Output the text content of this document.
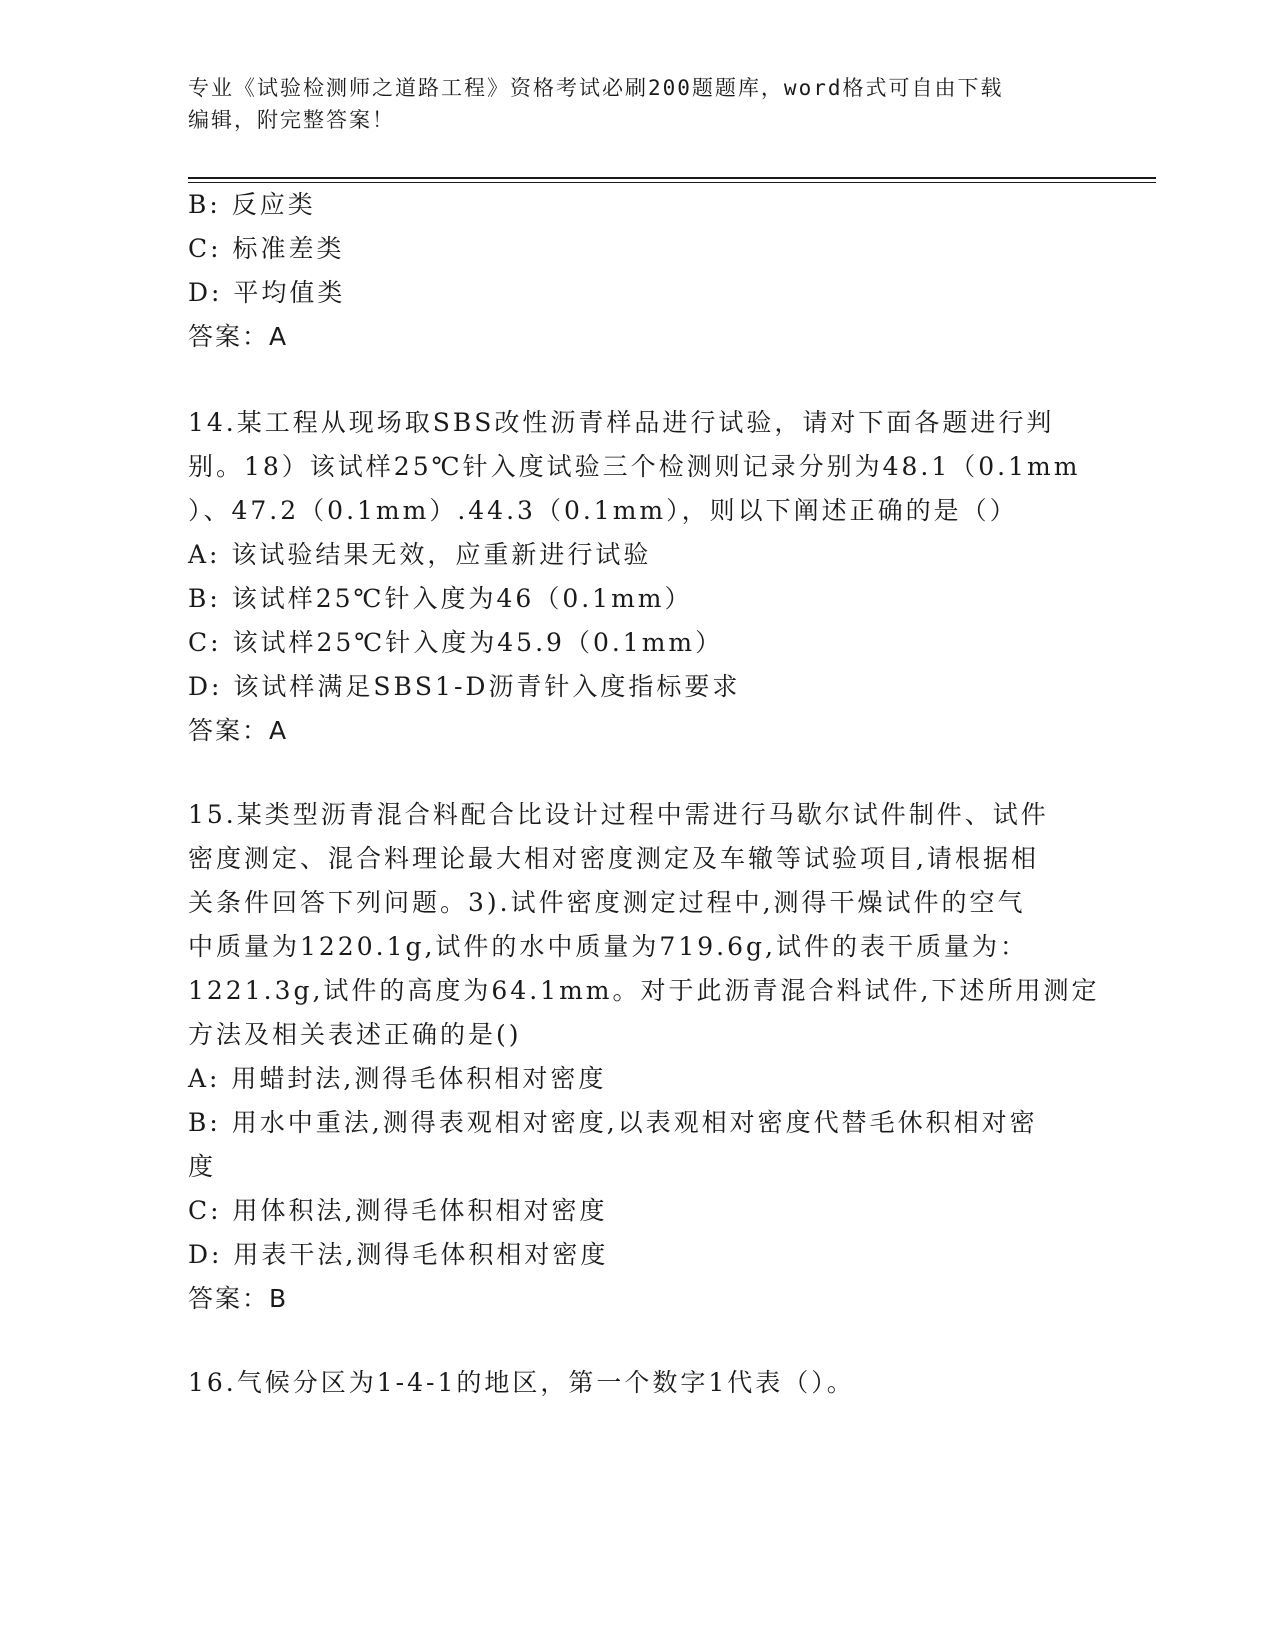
专业《试验检测师之道路工程》资格考试必刷200题题库，word格式可自由下载
编辑，附完整答案！
B: 反应类
C: 标准差类
D: 平均值类
答案：A
14.某工程从现场取SBS改性沥青样品进行试验，请对下面各题进行判
别。18）该试样25℃针入度试验三个检测则记录分别为48.1（0.1mm
）、47.2（0.1mm）.44.3（0.1mm），则以下阐述正确的是（）
A: 该试验结果无效，应重新进行试验
B: 该试样25℃针入度为46（0.1mm）
C: 该试样25℃针入度为45.9（0.1mm）
D: 该试样满足SBS1-D沥青针入度指标要求
答案：A
15.某类型沥青混合料配合比设计过程中需进行马歇尔试件制件、试件
密度测定、混合料理论最大相对密度测定及车辙等试验项目,请根据相
关条件回答下列问题。3).试件密度测定过程中,测得干燥试件的空气
中质量为1220.1g,试件的水中质量为719.6g,试件的表干质量为：
1221.3g,试件的高度为64.1mm。对于此沥青混合料试件,下述所用测定
方法及相关表述正确的是()
A: 用蜡封法,测得毛体积相对密度
B: 用水中重法,测得表观相对密度,以表观相对密度代替毛休积相对密
度
C: 用体积法,测得毛体积相对密度
D: 用表干法,测得毛体积相对密度
答案：B
16.气候分区为1-4-1的地区，第一个数字1代表（）。
